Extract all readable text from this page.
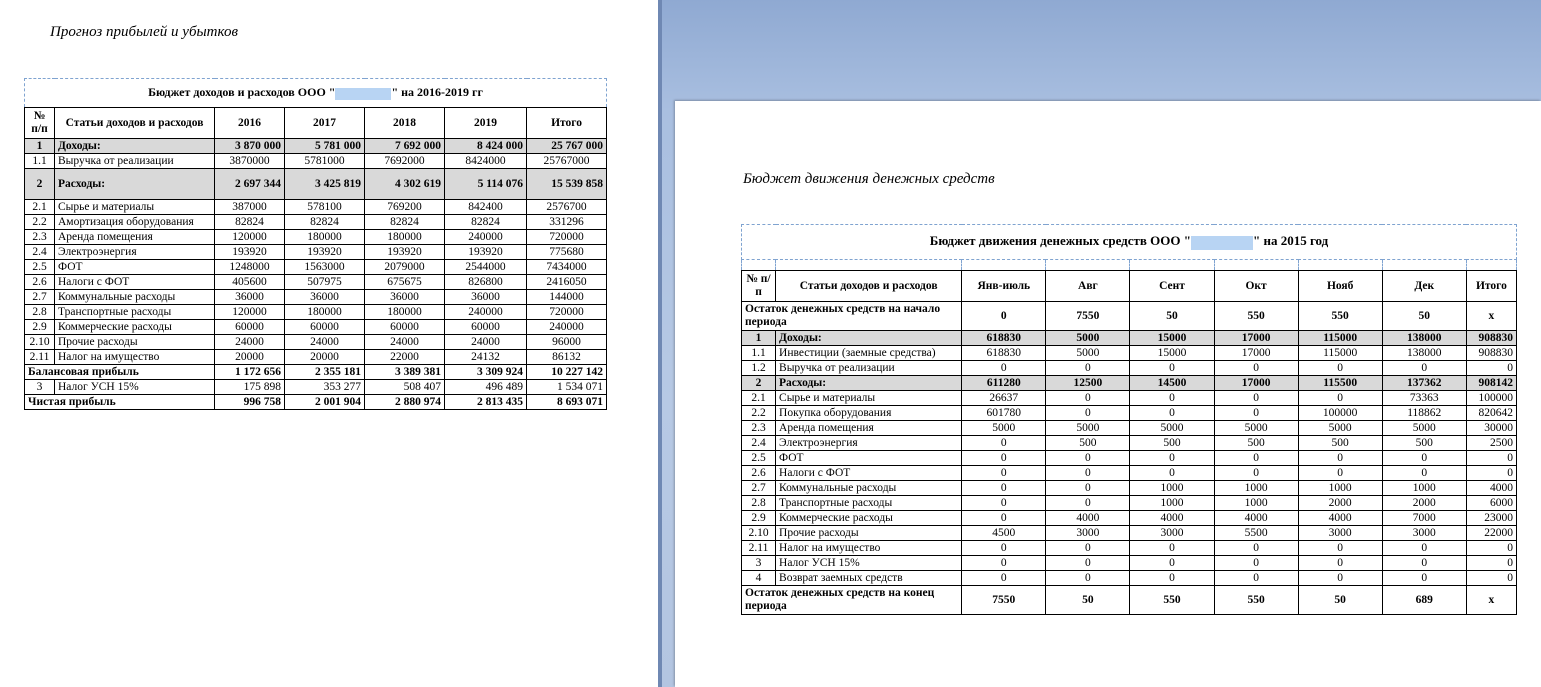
Прогноз прибылей и убытков
Бюджет доходов и расходов ООО " " на 2016-2019 гг						
№ п/п	Статьи доходов и расходов	2016	2017	2018	2019	Итого
1	Доходы:	3 870 000	5 781 000	7 692 000	8 424 000	25 767 000
1.1	Выручка от реализации	3870000	5781000	7692000	8424000	25767000
2	Расходы:	2 697 344	3 425 819	4 302 619	5 114 076	15 539 858
2.1	Сырье и материалы	387000	578100	769200	842400	2576700
2.2	Амортизация оборудования	82824	82824	82824	82824	331296
2.3	Аренда помещения	120000	180000	180000	240000	720000
2.4	Электроэнергия	193920	193920	193920	193920	775680
2.5	ФОТ	1248000	1563000	2079000	2544000	7434000
2.6	Налоги с ФОТ	405600	507975	675675	826800	2416050
2.7	Коммунальные расходы	36000	36000	36000	36000	144000
2.8	Транспортные расходы	120000	180000	180000	240000	720000
2.9	Коммерческие расходы	60000	60000	60000	60000	240000
2.10	Прочие расходы	24000	24000	24000	24000	96000
2.11	Налог на имущество	20000	20000	22000	24132	86132
Балансовая прибыль		1 172 656	2 355 181	3 389 381	3 309 924	10 227 142
3	Налог УСН 15%	175 898	353 277	508 407	496 489	1 534 071
Чистая прибыль		996 758	2 001 904	2 880 974	2 813 435	8 693 071
Бюджет движения денежных средств
Бюджет движения денежных средств ООО " " на 2015 год								

№ п/п	Статьи доходов и расходов	Янв-июль	Авг	Сент	Окт	Нояб	Дек	Итого
Остаток денежных средств на начало периода		0	7550	50	550	550	50	x
1	Доходы:	618830	5000	15000	17000	115000	138000	908830
1.1	Инвестиции (заемные средства)	618830	5000	15000	17000	115000	138000	908830
1.2	Выручка от реализации	0	0	0	0	0	0	0
2	Расходы:	611280	12500	14500	17000	115500	137362	908142
2.1	Сырье и материалы	26637	0	0	0	0	73363	100000
2.2	Покупка оборудования	601780	0	0	0	100000	118862	820642
2.3	Аренда помещения	5000	5000	5000	5000	5000	5000	30000
2.4	Электроэнергия	0	500	500	500	500	500	2500
2.5	ФОТ	0	0	0	0	0	0	0
2.6	Налоги с ФОТ	0	0	0	0	0	0	0
2.7	Коммунальные расходы	0	0	1000	1000	1000	1000	4000
2.8	Транспортные расходы	0	0	1000	1000	2000	2000	6000
2.9	Коммерческие расходы	0	4000	4000	4000	4000	7000	23000
2.10	Прочие расходы	4500	3000	3000	5500	3000	3000	22000
2.11	Налог на имущество	0	0	0	0	0	0	0
3	Налог УСН 15%	0	0	0	0	0	0	0
4	Возврат заемных средств	0	0	0	0	0	0	0
Остаток денежных средств на конец периода		7550	50	550	550	50	689	x
